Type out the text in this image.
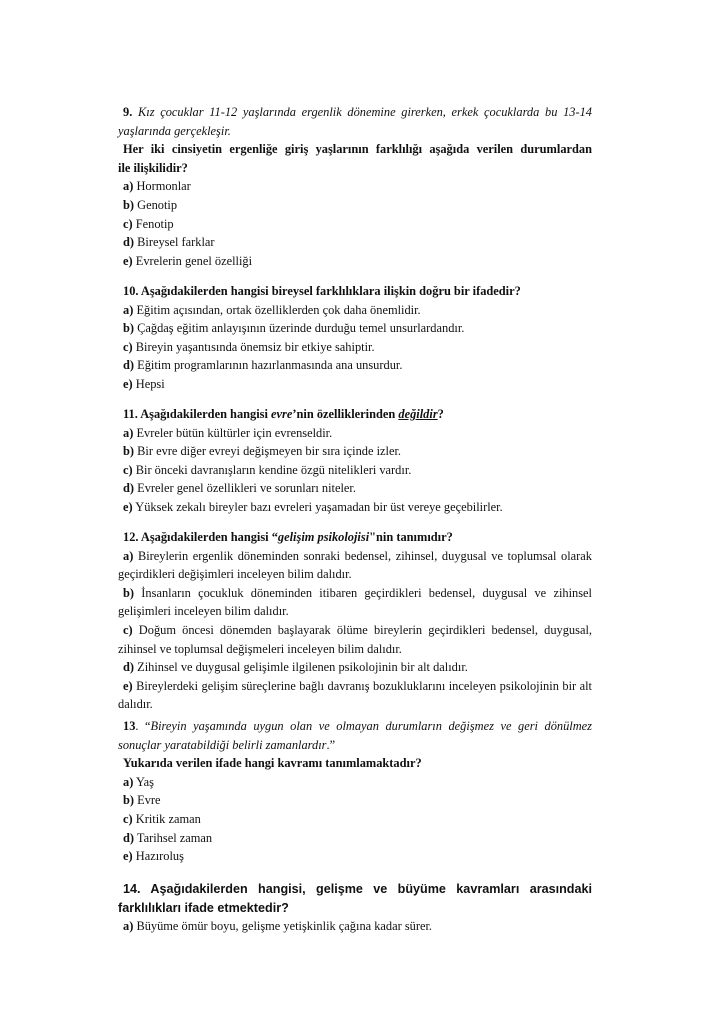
9. Kız çocuklar 11-12 yaşlarında ergenlik dönemine girerken, erkek çocuklarda bu 13-14
yaşlarında gerçekleşir.
Her iki cinsiyetin ergenliğe giriş yaşlarının farklılığı aşağıda verilen durumlardan
ile ilişkilidir?
a) Hormonlar
b) Genotip
c) Fenotip
d) Bireysel farklar
e) Evrelerin genel özelliği
10. Aşağıdakilerden hangisi bireysel farklılıklara ilişkin doğru bir ifadedir?
a) Eğitim açısından, ortak özelliklerden çok daha önemlidir.
b) Çağdaş eğitim anlayışının üzerinde durduğu temel unsurlardandır.
c) Bireyin yaşantısında önemsiz bir etkiye sahiptir.
d) Eğitim programlarının hazırlanmasında ana unsurdur.
e) Hepsi
11. Aşağıdakilerden hangisi evre’nin özelliklerinden değildir?
a) Evreler bütün kültürler için evrenseldir.
b) Bir evre diğer evreyi değişmeyen bir sıra içinde izler.
c) Bir önceki davranışların kendine özgü nitelikleri vardır.
d) Evreler genel özellikleri ve sorunları niteler.
e) Yüksek zekalı bireyler bazı evreleri yaşamadan bir üst vereye geçebilirler.
12. Aşağıdakilerden hangisi “gelişim psikolojisi"nin tanımıdır?
a) Bireylerin ergenlik döneminden sonraki bedensel, zihinsel, duygusal ve toplumsal olarak
geçirdikleri değişimleri inceleyen bilim dalıdır.
b) İnsanların çocukluk döneminden itibaren geçirdikleri bedensel, duygusal ve zihinsel
gelişimleri inceleyen bilim dalıdır.
c) Doğum öncesi dönemden başlayarak ölüme bireylerin geçirdikleri bedensel, duygusal,
zihinsel ve toplumsal değişmeleri inceleyen bilim dalıdır.
d) Zihinsel ve duygusal gelişimle ilgilenen psikolojinin bir alt dalıdır.
e) Bireylerdeki gelişim süreçlerine bağlı davranış bozukluklarını inceleyen psikolojinin bir alt
dalıdır.
13. “Bireyin yaşamında uygun olan ve olmayan durumların değişmez ve geri dönülmez
sonuçlar yaratabildiği belirli zamanlardır.”
Yukarıda verilen ifade hangi kavramı tanımlamaktadır?
a) Yaş
b) Evre
c) Kritik zaman
d) Tarihsel zaman
e) Hazıroluş
14. Aşağıdakilerden hangisi, gelişme ve büyüme kavramları arasındaki
farklılıkları ifade etmektedir?
a) Büyüme ömür boyu, gelişme yetişkinlik çağına kadar sürer.
